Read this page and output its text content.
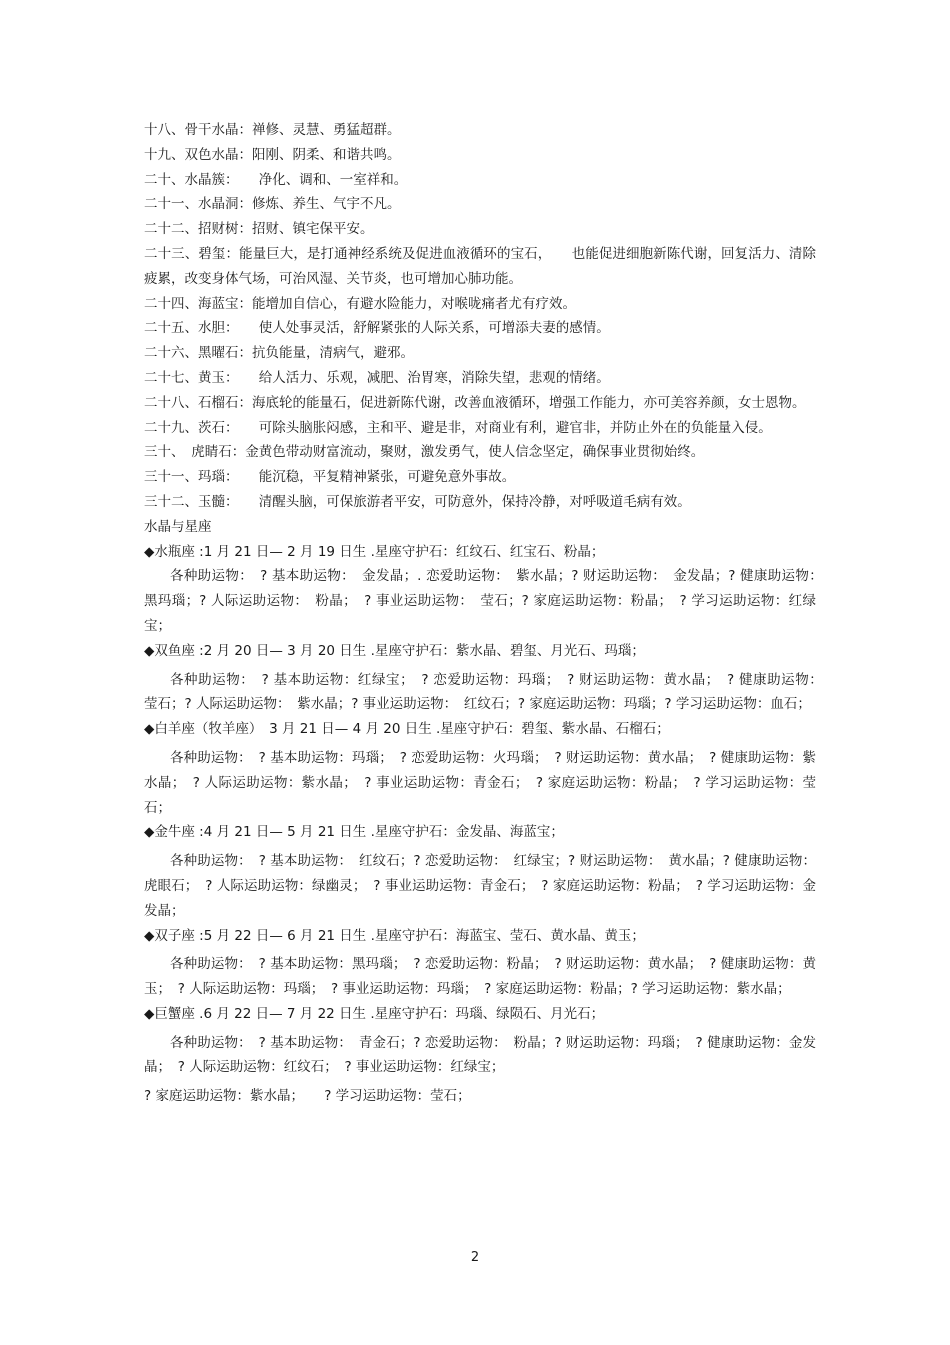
十八、骨干水晶：禅修、灵慧、勇猛超群。

十九、双色水晶：阳刚、阴柔、和谐共鸣。

二十、水晶簇：　　净化、调和、一室祥和。

二十一、水晶洞：修炼、养生、气宇不凡。

二十二、招财树：招财、镇宅保平安。

二十三、碧玺：能量巨大，是打通神经系统及促进血液循环的宝石，　　也能促进细胞新陈代谢，回复活力、清除疲累，改变身体气场，可治风湿、关节炎，也可增加心肺功能。

二十四、海蓝宝：能增加自信心，有避水险能力，对喉咙痛者尤有疗效。

二十五、水胆：　　使人处事灵活，舒解紧张的人际关系，可增添夫妻的感情。

二十六、黑曜石：抗负能量，清病气，避邪。

二十七、黄玉：　　给人活力、乐观，减肥、治胃寒，消除失望，悲观的情绪。

二十八、石榴石：海底轮的能量石，促进新陈代谢，改善血液循环，增强工作能力，亦可美容养颜，女士恩物。

二十九、茨石：　　可除头脑胀闷感，主和平、避是非，对商业有利，避官非，并防止外在的负能量入侵。

三十、　虎睛石：金黄色带动财富流动，聚财，激发勇气，使人信念坚定，确保事业贯彻始终。

三十一、玛瑙：　　能沉稳，平复精神紧张，可避免意外事故。

三十二、玉髓：　　清醒头脑，可保旅游者平安，可防意外，保持冷静，对呼吸道毛病有效。

水晶与星座

◆水瓶座 :1 月 21 日— 2 月 19 日生 .星座守护石：红纹石、红宝石、粉晶；

各种助运物：　? 基本助运物：　金发晶；. 恋爱助运物：　紫水晶；? 财运助运物：　金发晶；? 健康助运物：　黑玛瑙；? 人际运助运物：　粉晶；　? 事业运助运物：　莹石；? 家庭运助运物：粉晶；　? 学习运助运物：红绿宝；

◆双鱼座 :2 月 20 日— 3 月 20 日生 .星座守护石：紫水晶、碧玺、月光石、玛瑙；

各种助运物：　? 基本助运物：红绿宝；　? 恋爱助运物：玛瑙；　? 财运助运物：黄水晶；　? 健康助运物：　莹石；? 人际运助运物：　紫水晶；? 事业运助运物：　红纹石；? 家庭运助运物：玛瑙；? 学习运助运物：血石；

◆白羊座（牧羊座）　3 月 21 日— 4 月 20 日生 .星座守护石：碧玺、紫水晶、石榴石；

各种助运物：　? 基本助运物：玛瑙；　? 恋爱助运物：火玛瑙；　? 财运助运物：黄水晶；　? 健康助运物：紫水晶；　? 人际运助运物：紫水晶；　? 事业运助运物：青金石；　? 家庭运助运物：粉晶；　? 学习运助运物：莹石；

◆金牛座 :4 月 21 日— 5 月 21 日生 .星座守护石：金发晶、海蓝宝；

各种助运物：　? 基本助运物：　红纹石；? 恋爱助运物：　红绿宝；? 财运助运物：　黄水晶；? 健康助运物：虎眼石；　? 人际运助运物：绿幽灵；　? 事业运助运物：青金石；　? 家庭运助运物：粉晶；　? 学习运助运物：金发晶；

◆双子座 :5 月 22 日— 6 月 21 日生 .星座守护石：海蓝宝、莹石、黄水晶、黄玉；

各种助运物：　? 基本助运物：黑玛瑙；　? 恋爱助运物：粉晶；　? 财运助运物：黄水晶；　? 健康助运物：黄玉；　? 人际运助运物：玛瑙；　? 事业运助运物：玛瑙；　? 家庭运助运物：粉晶；? 学习运助运物：紫水晶；

◆巨蟹座 .6 月 22 日— 7 月 22 日生 .星座守护石：玛瑙、绿陨石、月光石；

各种助运物：　? 基本助运物：　青金石；? 恋爱助运物：　粉晶；? 财运助运物：玛瑙；　? 健康助运物：金发晶；　? 人际运助运物：红纹石；　? 事业运助运物：红绿宝；

? 家庭运助运物：紫水晶；　　? 学习运助运物：莹石；

2
